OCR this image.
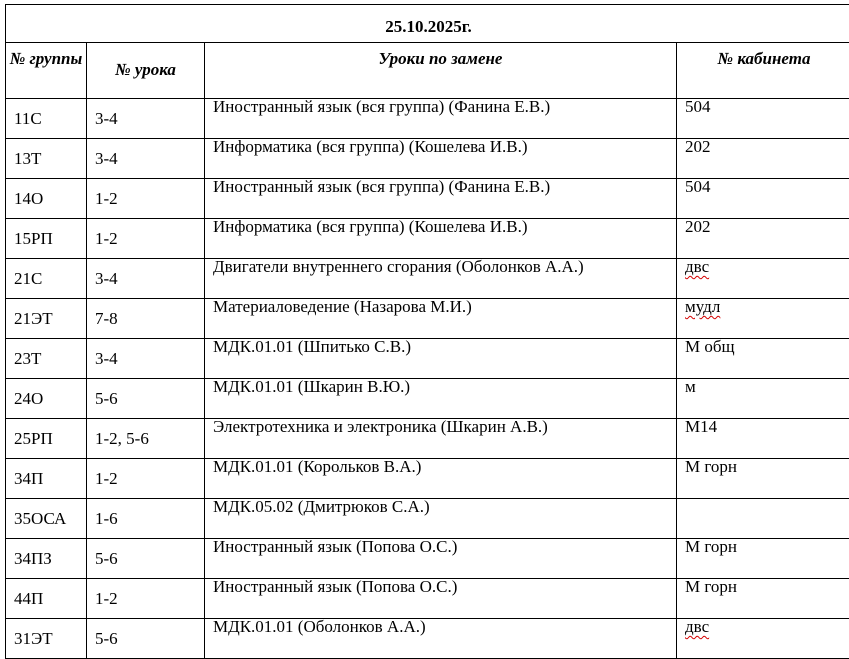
25.10.2025г.			

№ группы	№ урока	Уроки по замене	№ кабинета

11С	3-4	Иностранный язык (вся группа) (Фанина Е.В.)	504

13Т	3-4	Информатика (вся группа) (Кошелева И.В.)	202

14О	1-2	Иностранный язык (вся группа) (Фанина Е.В.)	504

15РП	1-2	Информатика (вся группа) (Кошелева И.В.)	202

21С	3-4	Двигатели внутреннего сгорания (Оболонков А.А.)	двс

21ЭТ	7-8	Материаловедение (Назарова М.И.)	мудл

23Т	3-4	МДК.01.01 (Шпитько С.В.)	М общ

24О	5-6	МДК.01.01 (Шкарин В.Ю.)	м

25РП	1-2, 5-6	Электротехника и электроника (Шкарин А.В.)	М14

34П	1-2	МДК.01.01 (Корольков В.А.)	М горн

35ОСА	1-6	МДК.05.02 (Дмитрюков С.А.)	

34ПЗ	5-6	Иностранный язык (Попова О.С.)	М горн

44П	1-2	Иностранный язык (Попова О.С.)	М горн

31ЭТ	5-6	МДК.01.01 (Оболонков А.А.)	двс
